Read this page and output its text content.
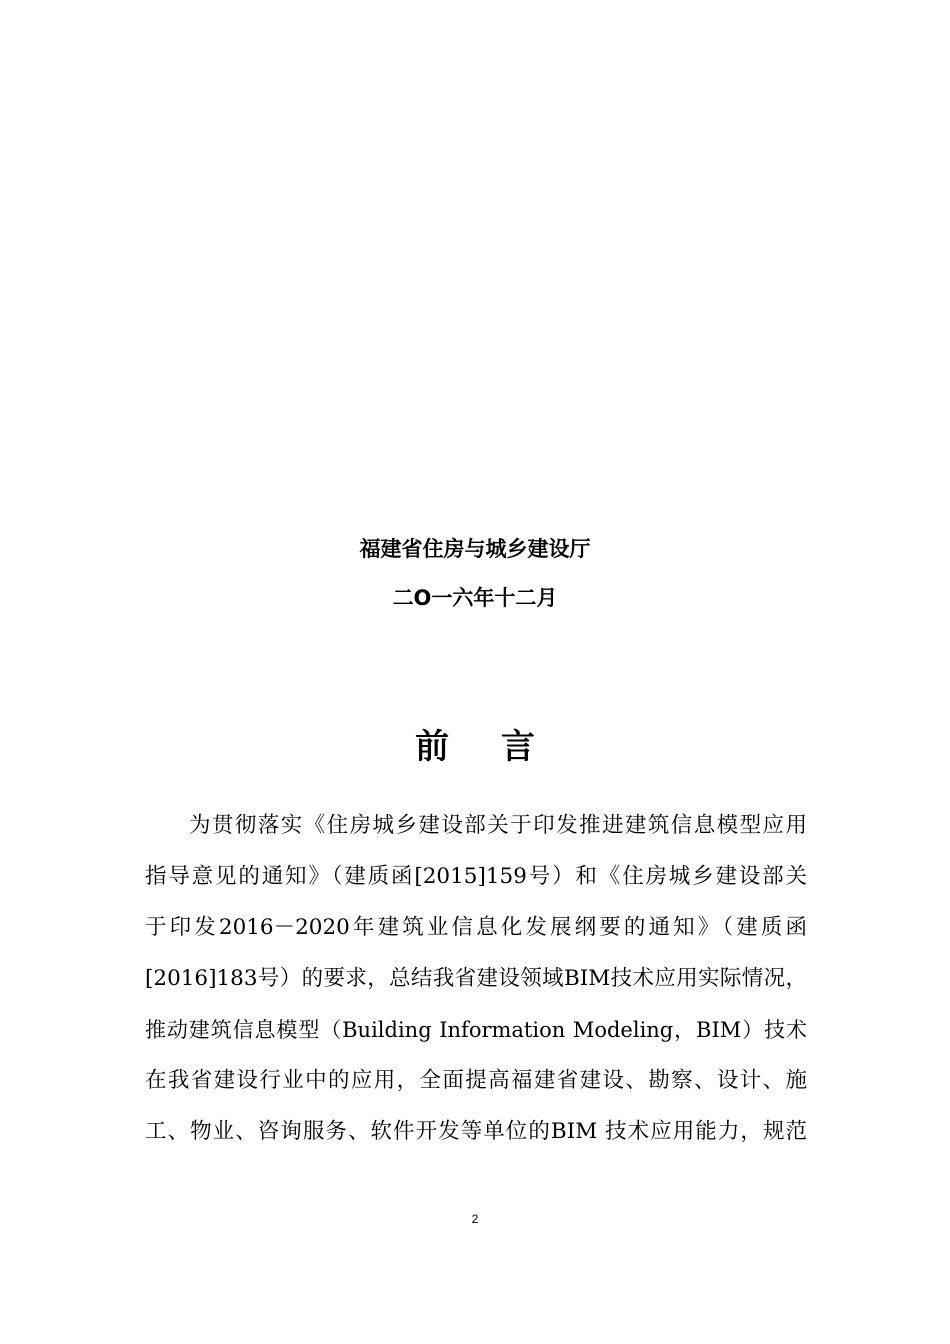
福建省住房与城乡建设厅
二O一六年十二月
前 言
为贯彻落实《住房城乡建设部关于印发推进建筑信息模型应用
指导意见的通知》（建质函[2015]159号）和《住房城乡建设部关
于印发2016－2020年建筑业信息化发展纲要的通知》（建质函
[2016]183号）的要求，总结我省建设领域BIM技术应用实际情况，
推动建筑信息模型（Building Information Modeling，BIM）技术
在我省建设行业中的应用，全面提高福建省建设、勘察、设计、施
工、物业、咨询服务、软件开发等单位的BIM 技术应用能力，规范
2
